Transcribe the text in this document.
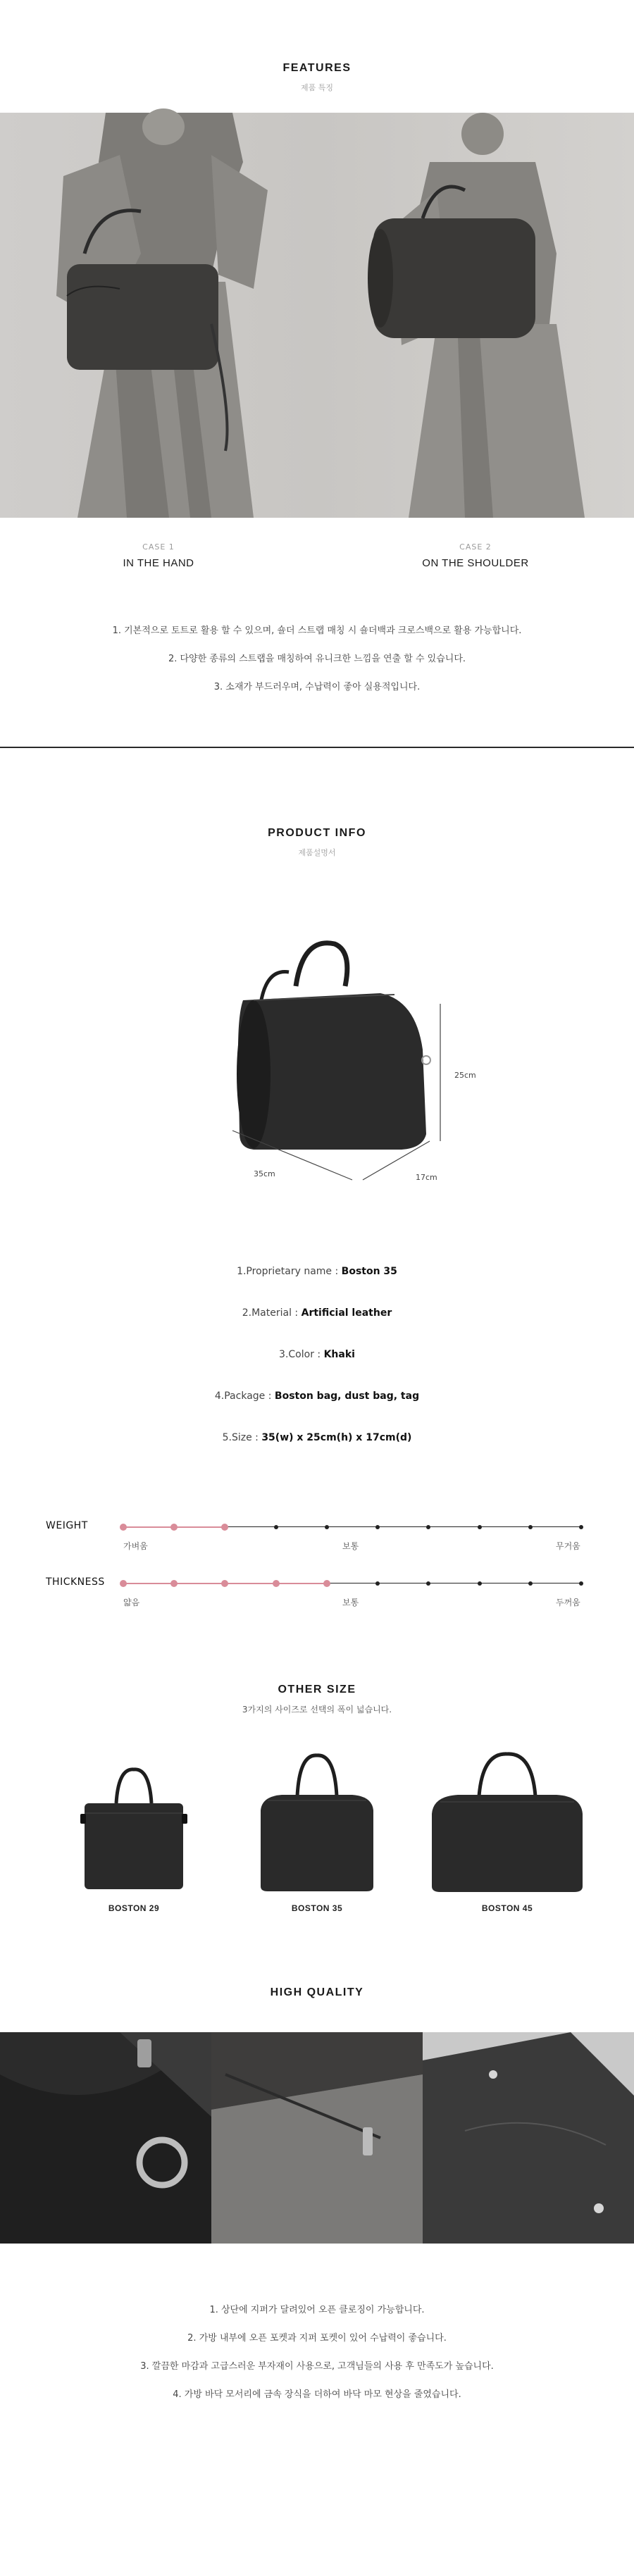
FEATURES
제품 특징
CASE 1
IN THE HAND
CASE 2
ON THE SHOULDER

1. 기본적으로 토트로 활용 할 수 있으며, 숄더 스트랩 매칭 시 숄더백과 크로스백으로 활용 가능합니다.

2. 다양한 종류의 스트랩을 매칭하여 유니크한 느낌을 연출 할 수 있습니다.

3. 소재가 부드러우며, 수납력이 좋아 실용적입니다.

PRODUCT INFO
제품설명서
25cm
35cm	17cm
1.Proprietary name : Boston 35
2.Material : Artificial leather
3.Color : Khaki
4.Package : Boston bag, dust bag, tag
5.Size : 35(w) x 25cm(h) x 17cm(d)
WEIGHT
가벼움	보통	무거움
THICKNESS
얇음	보통	두꺼움
OTHER SIZE
3가지의 사이즈로 선택의 폭이 넓습니다.
BOSTON 29	BOSTON 35	BOSTON 45
HIGH QUALITY

1. 상단에 지퍼가 달려있어 오픈 클로징이 가능합니다.

2. 가방 내부에 오픈 포켓과 지퍼 포켓이 있어 수납력이 좋습니다.

3. 깔끔한 마감과 고급스러운 부자재이 사용으로, 고객님들의 사용 후 만족도가 높습니다.

4. 가방 바닥 모서리에 금속 장식을 더하여 바닥 마모 현상을 줄였습니다.
